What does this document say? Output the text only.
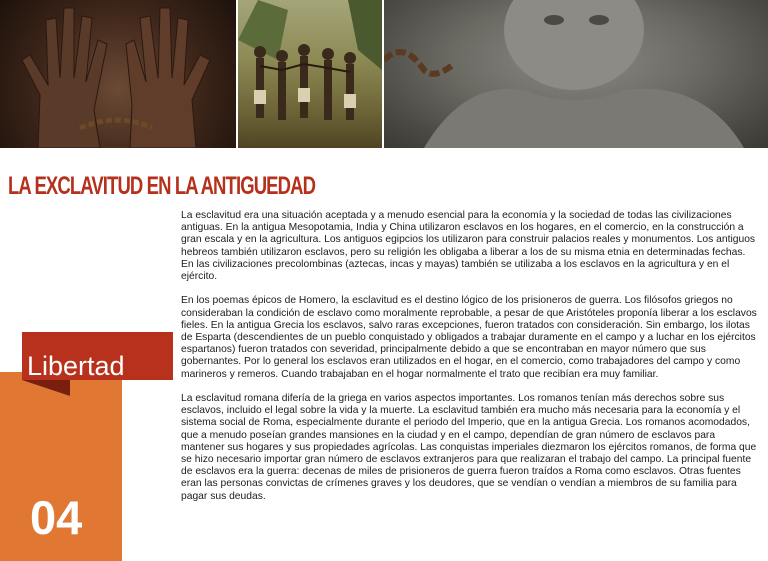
LA EXCLAVITUD EN LA ANTIGUEDAD
Libertad
04

La esclavitud era una situación aceptada y a menudo esencial para la economía y la sociedad de todas las civilizaciones antiguas. En la antigua Mesopotamia, India y China utilizaron esclavos en los hogares, en el comercio, en la construcción a gran escala y en la agricultura. Los antiguos egipcios los utilizaron para construir palacios reales y monumentos. Los antiguos hebreos también utilizaron esclavos, pero su religión les obligaba a liberar a los de su misma etnia en determinadas fechas. En las civilizaciones precolombinas (aztecas, incas y mayas) también se utilizaba a los esclavos en la agricultura y en el ejército.

En los poemas épicos de Homero, la esclavitud es el destino lógico de los prisioneros de guerra. Los filósofos griegos no consideraban la condición de esclavo como moralmente reprobable, a pesar de que Aristóteles proponía liberar a los esclavos fieles. En la antigua Grecia los esclavos, salvo raras excepciones, fueron tratados con consideración. Sin embargo, los ilotas de Esparta (descendientes de un pueblo conquistado y obligados a trabajar duramente en el campo y a luchar en los ejércitos espartanos) fueron tratados con severidad, principalmente debido a que se encontraban en mayor número que sus gobernantes. Por lo general los esclavos eran utilizados en el hogar, en el comercio, como trabajadores del campo y como marineros y remeros. Cuando trabajaban en el hogar normalmente el trato que recibían era muy familiar.

La esclavitud romana difería de la griega en varios aspectos importantes. Los romanos tenían más derechos sobre sus esclavos, incluido el legal sobre la vida y la muerte. La esclavitud también era mucho más necesaria para la economía y el sistema social de Roma, especialmente durante el periodo del Imperio, que en la antigua Grecia. Los romanos acomodados, que a menudo poseían grandes mansiones en la ciudad y en el campo, dependían de gran número de esclavos para mantener sus hogares y sus propiedades agrícolas. Las conquistas imperiales diezmaron los ejércitos romanos, de forma que se hizo necesario importar gran número de esclavos extranjeros para que realizaran el trabajo del campo. La principal fuente de esclavos era la guerra: decenas de miles de prisioneros de guerra fueron traídos a Roma como esclavos. Otras fuentes eran las personas convictas de crímenes graves y los deudores, que se vendían o vendían a miembros de su familia para pagar sus deudas.
